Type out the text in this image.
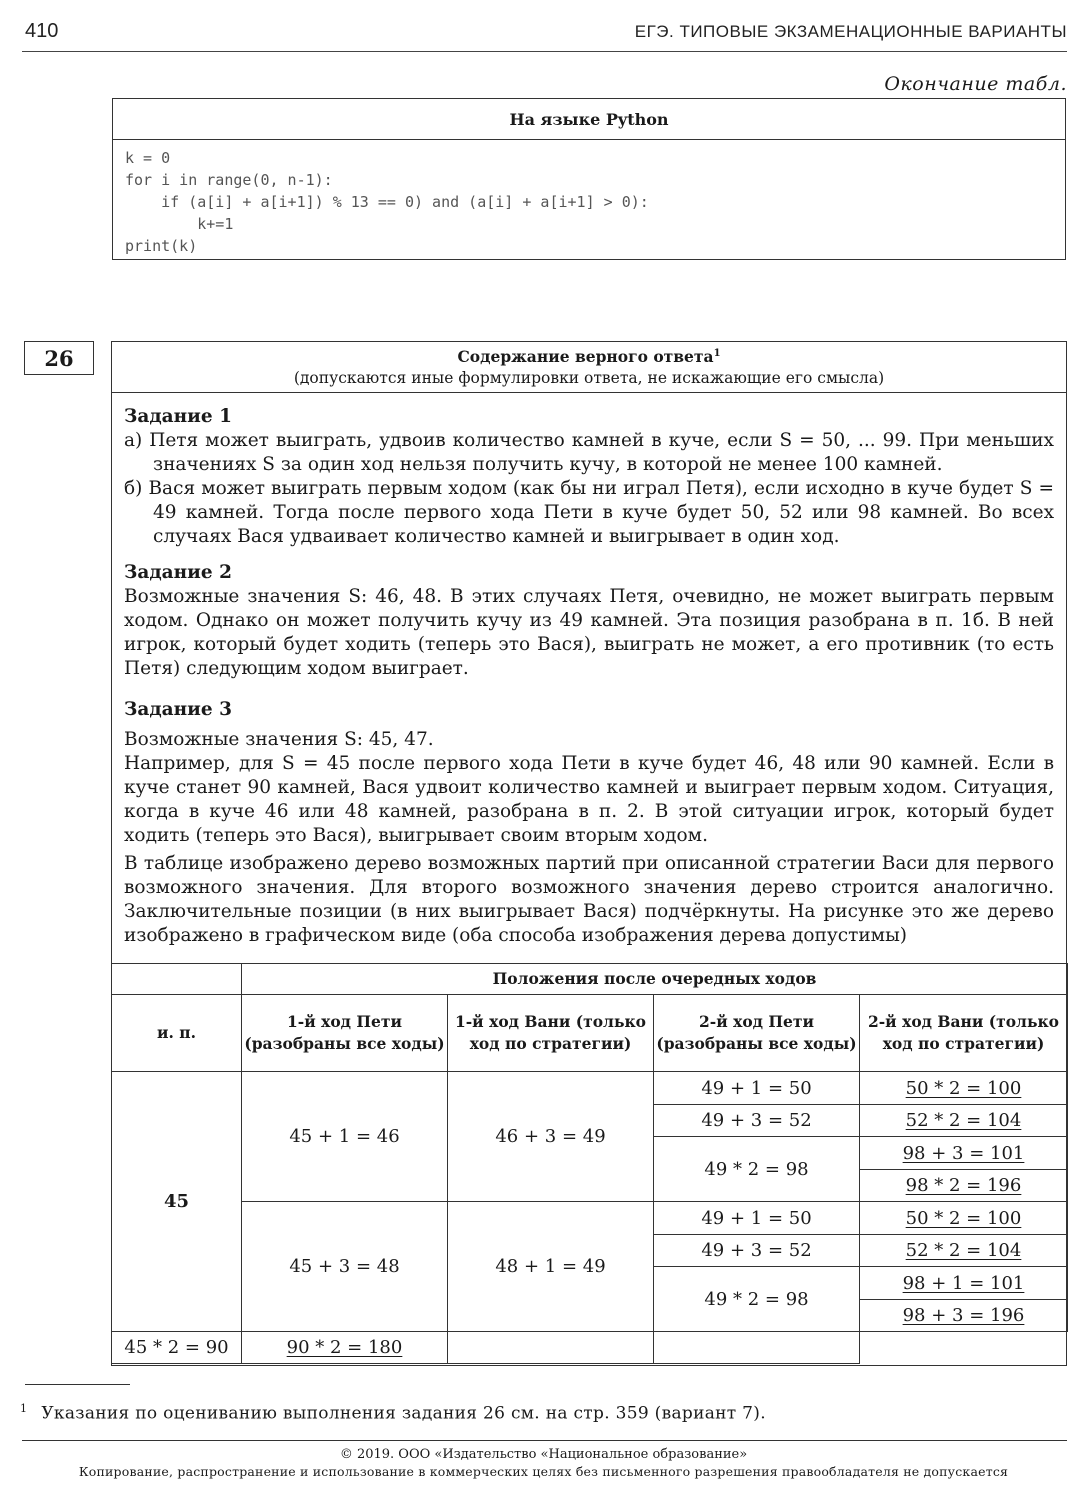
410	ЕГЭ. ТИПОВЫЕ ЭКЗАМЕНАЦИОННЫЕ ВАРИАНТЫ
Окончание табл.
На языке Python
k = 0
for i in range(0, n-1):
if (a[i] + a[i+1]) % 13 == 0) and (a[i] + a[i+1] > 0):
k+=1
print(k)
26	Содержание верного ответа$^1$
(допускаются иные формулировки ответа, не искажающие его смысла)

Задание 1

а) Петя может выиграть, удвоив количество камней в куче, если S = 50, ... 99. При меньших значениях S за один ход нельзя получить кучу, в которой не менее 100 камней.

б) Вася может выиграть первым ходом (как бы ни играл Петя), если исходно в куче будет S = 49 камней. Тогда после первого хода Пети в куче будет 50, 52 или 98 камней. Во всех случаях Вася удваивает количество камней и выигрывает в один ход.

Задание 2

Возможные значения S: 46, 48. В этих случаях Петя, очевидно, не может выиграть первым ходом. Однако он может получить кучу из 49 камней. Эта позиция разобрана в п. 1б. В ней игрок, который будет ходить (теперь это Вася), выиграть не может, а его противник (то есть Петя) следующим ходом выиграет.

Задание 3

Возможные значения S: 45, 47.

Например, для S = 45 после первого хода Пети в куче будет 46, 48 или 90 камней. Если в куче станет 90 камней, Вася удвоит количество камней и выиграет первым ходом. Ситуация, когда в куче 46 или 48 камней, разобрана в п. 2. В этой ситуации игрок, который будет ходить (теперь это Вася), выигрывает своим вторым ходом.

В таблице изображено дерево возможных партий при описанной стратегии Васи для первого возможного значения. Для второго возможного значения дерево строится аналогично. Заключительные позиции (в них выигрывает Вася) подчёркнуты. На рисунке это же дерево изображено в графическом виде (оба способа изображения дерева допустимы)

	Положения после очередных ходов			
и. п.	1-й ход Пети (разобраны все ходы)	1-й ход Вани (только ход по стратегии)	2-й ход Пети (разобраны все ходы)	2-й ход Вани (только ход по стратегии)
45	45 + 1 = 46	46 + 3 = 49	49 + 1 = 50	50 * 2 = 100
			49 + 3 = 52	52 * 2 = 104
			49 * 2 = 98	98 + 3 = 101
				98 * 2 = 196
	45 + 3 = 48	48 + 1 = 49	49 + 1 = 50	50 * 2 = 100
			49 + 3 = 52	52 * 2 = 104
			49 * 2 = 98	98 + 1 = 101
				98 + 3 = 196
45 * 2 = 90	90 * 2 = 180			
$^1$ Указания по оцениванию выполнения задания 26 см. на стр. 359 (вариант 7).
© 2019. ООО «Издательство «Национальное образование»
Копирование, распространение и использование в коммерческих целях без письменного разрешения правообладателя не допускается
